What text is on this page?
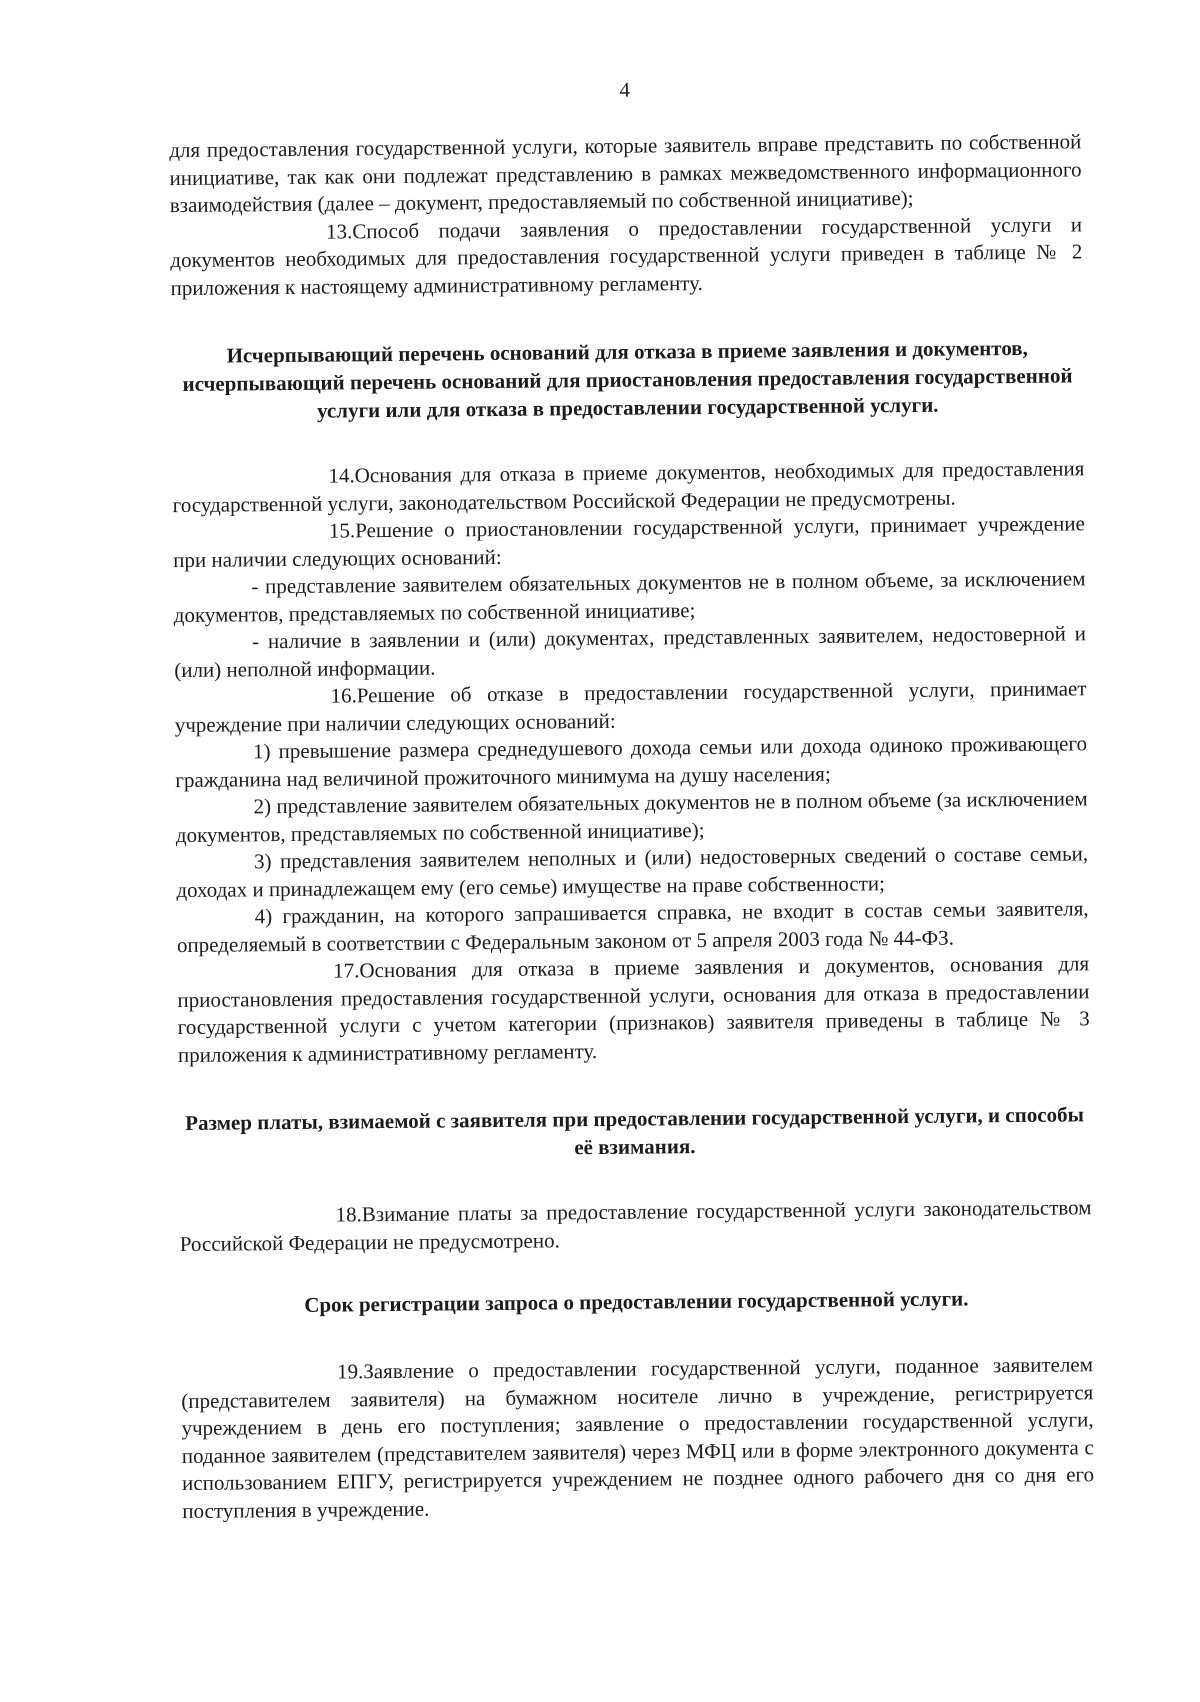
4

для предоставления государственной услуги, которые заявитель вправе представить по собственной инициативе, так как они подлежат представлению в рамках межведомственного информационного взаимодействия (далее – документ, предоставляемый по собственной инициативе);

13.Способ подачи заявления о предоставлении государственной услуги и документов необходимых для предоставления государственной услуги приведен в таблице № 2 приложения к настоящему административному регламенту.

Исчерпывающий перечень оснований для отказа в приеме заявления и документов, исчерпывающий перечень оснований для приостановления предоставления государственной услуги или для отказа в предоставлении государственной услуги.

14.Основания для отказа в приеме документов, необходимых для предоставления государственной услуги, законодательством Российской Федерации не предусмотрены.

15.Решение о приостановлении государственной услуги, принимает учреждение при наличии следующих оснований:

- представление заявителем обязательных документов не в полном объеме, за исключением документов, представляемых по собственной инициативе;

- наличие в заявлении и (или) документах, представленных заявителем, недостоверной и (или) неполной информации.

16.Решение об отказе в предоставлении государственной услуги, принимает учреждение при наличии следующих оснований:

1) превышение размера среднедушевого дохода семьи или дохода одиноко проживающего гражданина над величиной прожиточного минимума на душу населения;

2) представление заявителем обязательных документов не в полном объеме (за исключением документов, представляемых по собственной инициативе);

3) представления заявителем неполных и (или) недостоверных сведений о составе семьи, доходах и принадлежащем ему (его семье) имуществе на праве собственности;

4) гражданин, на которого запрашивается справка, не входит в состав семьи заявителя, определяемый в соответствии с Федеральным законом от 5 апреля 2003 года № 44-ФЗ.

17.Основания для отказа в приеме заявления и документов, основания для приостановления предоставления государственной услуги, основания для отказа в предоставлении государственной услуги с учетом категории (признаков) заявителя приведены в таблице № 3 приложения к административному регламенту.

Размер платы, взимаемой с заявителя при предоставлении государственной услуги, и способы её взимания.

18.Взимание платы за предоставление государственной услуги законодательством Российской Федерации не предусмотрено.

Срок регистрации запроса о предоставлении государственной услуги.

19.Заявление о предоставлении государственной услуги, поданное заявителем (представителем заявителя) на бумажном носителе лично в учреждение, регистрируется учреждением в день его поступления; заявление о предоставлении государственной услуги, поданное заявителем (представителем заявителя) через МФЦ или в форме электронного документа с использованием ЕПГУ, регистрируется учреждением не позднее одного рабочего дня со дня его поступления в учреждение.
